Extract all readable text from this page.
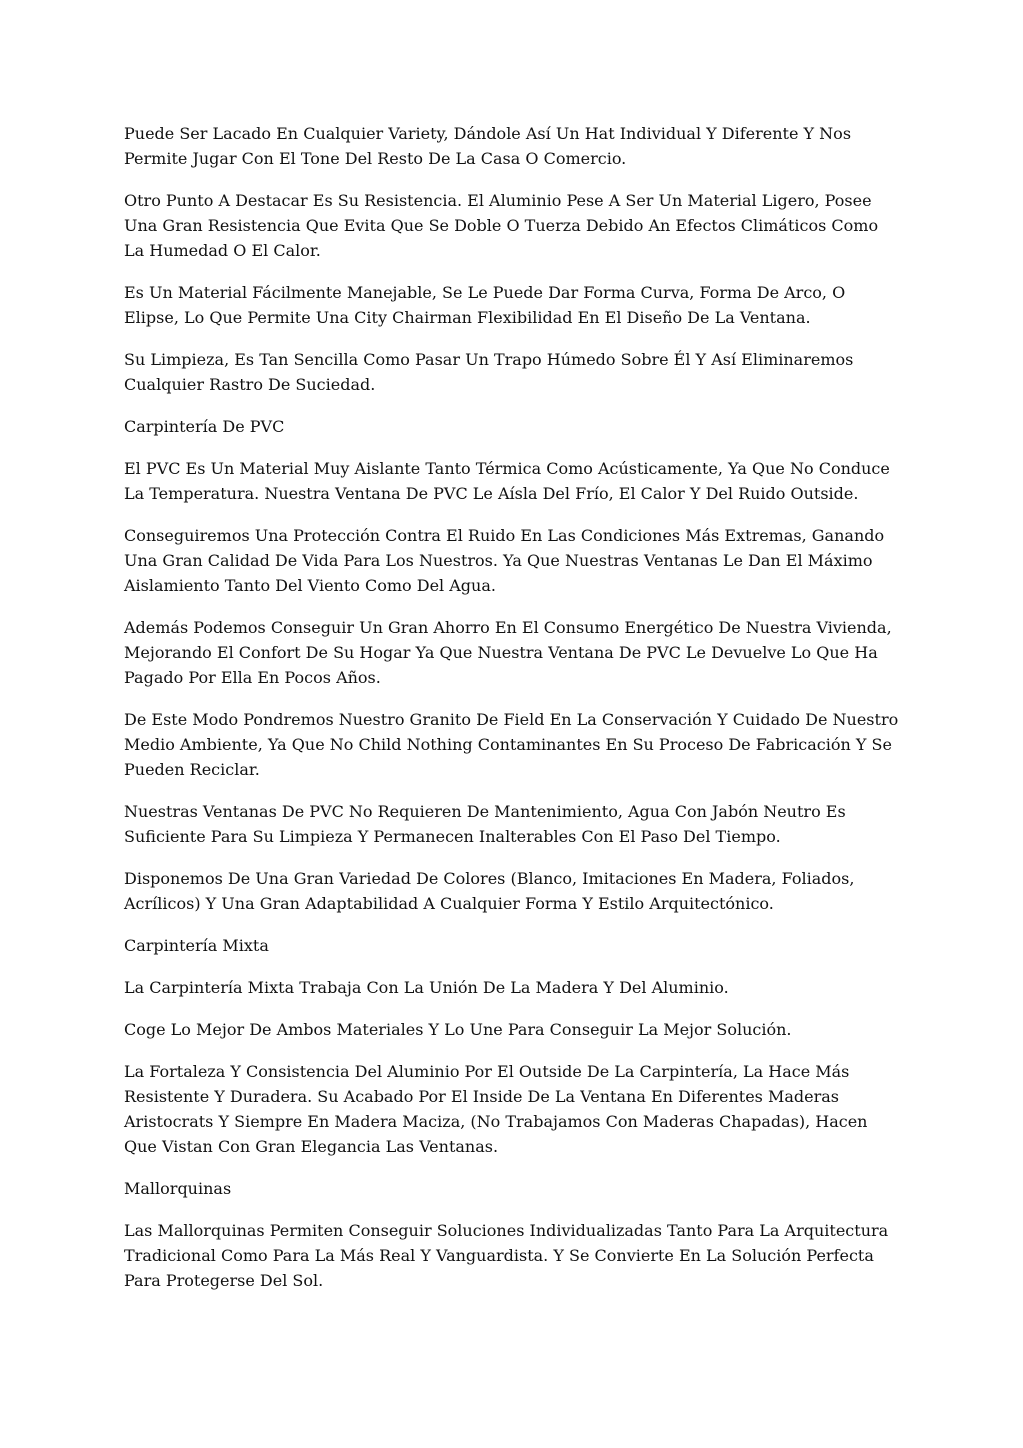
Puede Ser Lacado En Cualquier Variety, Dándole Así Un Hat Individual Y Diferente Y Nos Permite Jugar Con El Tone Del Resto De La Casa O Comercio.

Otro Punto A Destacar Es Su Resistencia. El Aluminio Pese A Ser Un Material Ligero, Posee Una Gran Resistencia Que Evita Que Se Doble O Tuerza Debido An Efectos Climáticos Como La Humedad O El Calor.

Es Un Material Fácilmente Manejable, Se Le Puede Dar Forma Curva, Forma De Arco, O Elipse, Lo Que Permite Una City Chairman Flexibilidad En El Diseño De La Ventana.

Su Limpieza, Es Tan Sencilla Como Pasar Un Trapo Húmedo Sobre Él Y Así Eliminaremos Cualquier Rastro De Suciedad.

Carpintería De PVC

El PVC Es Un Material Muy Aislante Tanto Térmica Como Acústicamente, Ya Que No Conduce La Temperatura. Nuestra Ventana De PVC Le Aísla Del Frío, El Calor Y Del Ruido Outside.

Conseguiremos Una Protección Contra El Ruido En Las Condiciones Más Extremas, Ganando Una Gran Calidad De Vida Para Los Nuestros. Ya Que Nuestras Ventanas Le Dan El Máximo Aislamiento Tanto Del Viento Como Del Agua.

Además Podemos Conseguir Un Gran Ahorro En El Consumo Energético De Nuestra Vivienda, Mejorando El Confort De Su Hogar Ya Que Nuestra Ventana De PVC Le Devuelve Lo Que Ha Pagado Por Ella En Pocos Años.

De Este Modo Pondremos Nuestro Granito De Field En La Conservación Y Cuidado De Nuestro Medio Ambiente, Ya Que No Child Nothing Contaminantes En Su Proceso De Fabricación Y Se Pueden Reciclar.

Nuestras Ventanas De PVC No Requieren De Mantenimiento, Agua Con Jabón Neutro Es Suficiente Para Su Limpieza Y Permanecen Inalterables Con El Paso Del Tiempo.

Disponemos De Una Gran Variedad De Colores (Blanco, Imitaciones En Madera, Foliados, Acrílicos) Y Una Gran Adaptabilidad A Cualquier Forma Y Estilo Arquitectónico.

Carpintería Mixta

La Carpintería Mixta Trabaja Con La Unión De La Madera Y Del Aluminio.

Coge Lo Mejor De Ambos Materiales Y Lo Une Para Conseguir La Mejor Solución.

La Fortaleza Y Consistencia Del Aluminio Por El Outside De La Carpintería, La Hace Más Resistente Y Duradera. Su Acabado Por El Inside De La Ventana En Diferentes Maderas Aristocrats Y Siempre En Madera Maciza, (No Trabajamos Con Maderas Chapadas), Hacen Que Vistan Con Gran Elegancia Las Ventanas.

Mallorquinas

Las Mallorquinas Permiten Conseguir Soluciones Individualizadas Tanto Para La Arquitectura Tradicional Como Para La Más Real Y Vanguardista. Y Se Convierte En La Solución Perfecta Para Protegerse Del Sol.
